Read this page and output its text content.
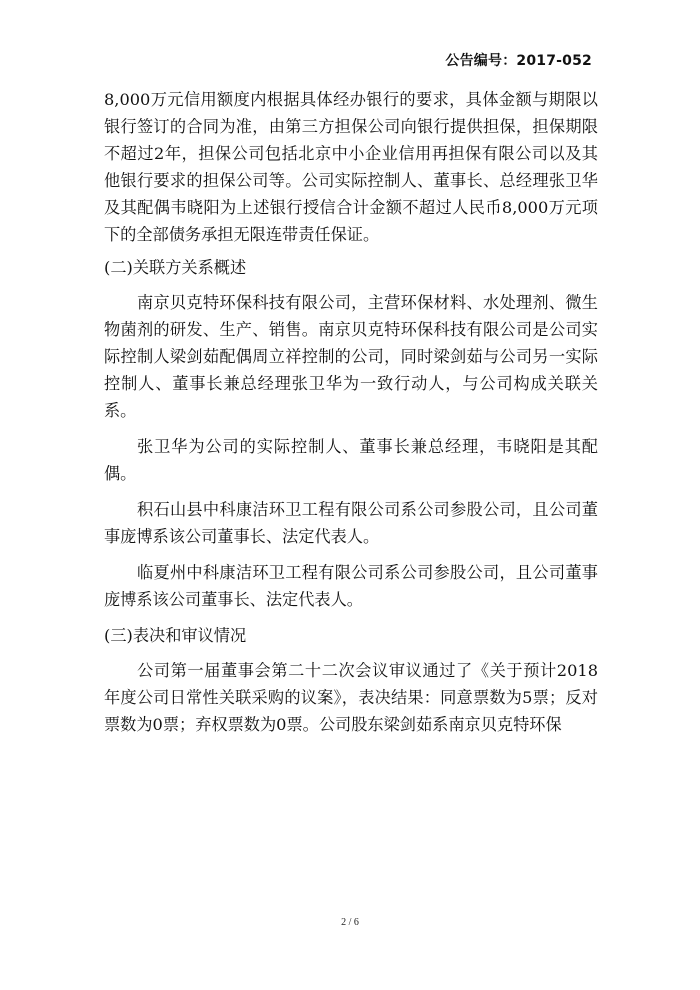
公告编号：2017-052

8,000万元信用额度内根据具体经办银行的要求，具体金额与期限以银行签订的合同为准，由第三方担保公司向银行提供担保，担保期限不超过2年，担保公司包括北京中小企业信用再担保有限公司以及其他银行要求的担保公司等。公司实际控制人、董事长、总经理张卫华及其配偶韦晓阳为上述银行授信合计金额不超过人民币8,000万元项下的全部债务承担无限连带责任保证。

(二)关联方关系概述

南京贝克特环保科技有限公司，主营环保材料、水处理剂、微生物菌剂的研发、生产、销售。南京贝克特环保科技有限公司是公司实际控制人梁剑茹配偶周立祥控制的公司，同时梁剑茹与公司另一实际控制人、董事长兼总经理张卫华为一致行动人，与公司构成关联关系。

张卫华为公司的实际控制人、董事长兼总经理，韦晓阳是其配偶。

积石山县中科康洁环卫工程有限公司系公司参股公司，且公司董事庞博系该公司董事长、法定代表人。

临夏州中科康洁环卫工程有限公司系公司参股公司，且公司董事庞博系该公司董事长、法定代表人。

(三)表决和审议情况

公司第一届董事会第二十二次会议审议通过了《关于预计2018年度公司日常性关联采购的议案》，表决结果：同意票数为5票；反对票数为0票；弃权票数为0票。公司股东梁剑茹系南京贝克特环保

2 / 6
